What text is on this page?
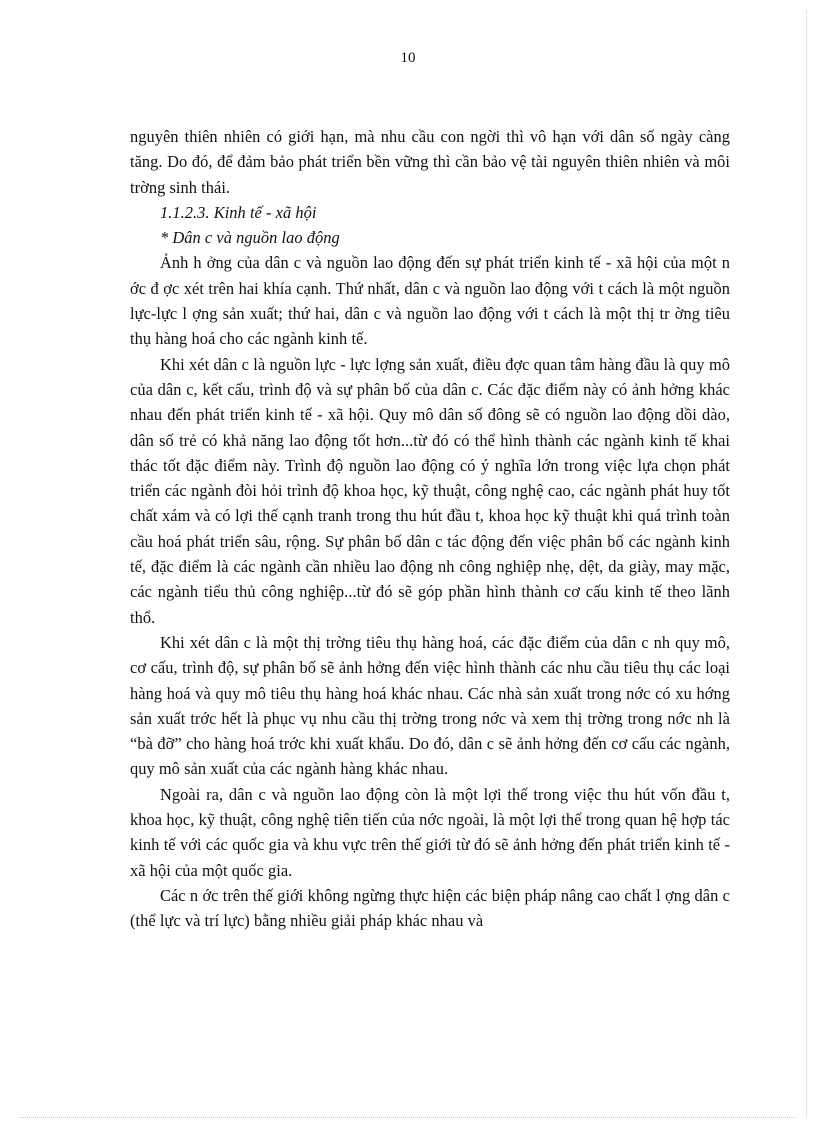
10

nguyên thiên nhiên có giới hạn, mà nhu cầu con ngời thì vô hạn với dân số ngày càng tăng. Do đó, để đảm bảo phát triển bền vững thì cần bảo vệ tài nguyên thiên nhiên và môi trờng sinh thái.

1.1.2.3. Kinh tế - xã hội

* Dân c và nguồn lao động

Ảnh h ởng của dân c và nguồn lao động đến sự phát triển kinh tế - xã hội của một n ớc đ ợc xét trên hai khía cạnh. Thứ nhất, dân c và nguồn lao động với t cách là một nguồn lực-lực l ợng sản xuất; thứ hai, dân c và nguồn lao động với t cách là một thị tr ờng tiêu thụ hàng hoá cho các ngành kinh tế.

Khi xét dân c là nguồn lực - lực lợng sản xuất, điều đợc quan tâm hàng đầu là quy mô của dân c, kết cấu, trình độ và sự phân bố của dân c. Các đặc điểm này có ảnh hởng khác nhau đến phát triển kinh tế - xã hội. Quy mô dân số đông sẽ có nguồn lao động dồi dào, dân số trẻ có khả năng lao động tốt hơn...từ đó có thể hình thành các ngành kinh tế khai thác tốt đặc điểm này. Trình độ nguồn lao động có ý nghĩa lớn trong việc lựa chọn phát triển các ngành đòi hỏi trình độ khoa học, kỹ thuật, công nghệ cao, các ngành phát huy tốt chất xám và có lợi thế cạnh tranh trong thu hút đầu t, khoa học kỹ thuật khi quá trình toàn cầu hoá phát triển sâu, rộng. Sự phân bố dân c tác động đến việc phân bố các ngành kinh tế, đặc điểm là các ngành cần nhiều lao động nh công nghiệp nhẹ, dệt, da giày, may mặc, các ngành tiểu thủ công nghiệp...từ đó sẽ góp phần hình thành cơ cấu kinh tế theo lãnh thổ.

Khi xét dân c là một thị trờng tiêu thụ hàng hoá, các đặc điểm của dân c nh quy mô, cơ cấu, trình độ, sự phân bố sẽ ảnh hởng đến việc hình thành các nhu cầu tiêu thụ các loại hàng hoá và quy mô tiêu thụ hàng hoá khác nhau. Các nhà sản xuất trong nớc có xu hớng sản xuất trớc hết là phục vụ nhu cầu thị trờng trong nớc và xem thị trờng trong nớc nh là “bà đỡ” cho hàng hoá trớc khi xuất khẩu. Do đó, dân c sẽ ảnh hởng đến cơ cấu các ngành, quy mô sản xuất của các ngành hàng khác nhau.

Ngoài ra, dân c và nguồn lao động còn là một lợi thế trong việc thu hút vốn đầu t, khoa học, kỹ thuật, công nghệ tiên tiến của nớc ngoài, là một lợi thế trong quan hệ hợp tác kinh tế với các quốc gia và khu vực trên thế giới từ đó sẽ ảnh hởng đến phát triển kinh tế - xã hội của một quốc gia.

Các n ớc trên thế giới không ngừng thực hiện các biện pháp nâng cao chất l ợng dân c (thể lực và trí lực) bằng nhiều giải pháp khác nhau và
